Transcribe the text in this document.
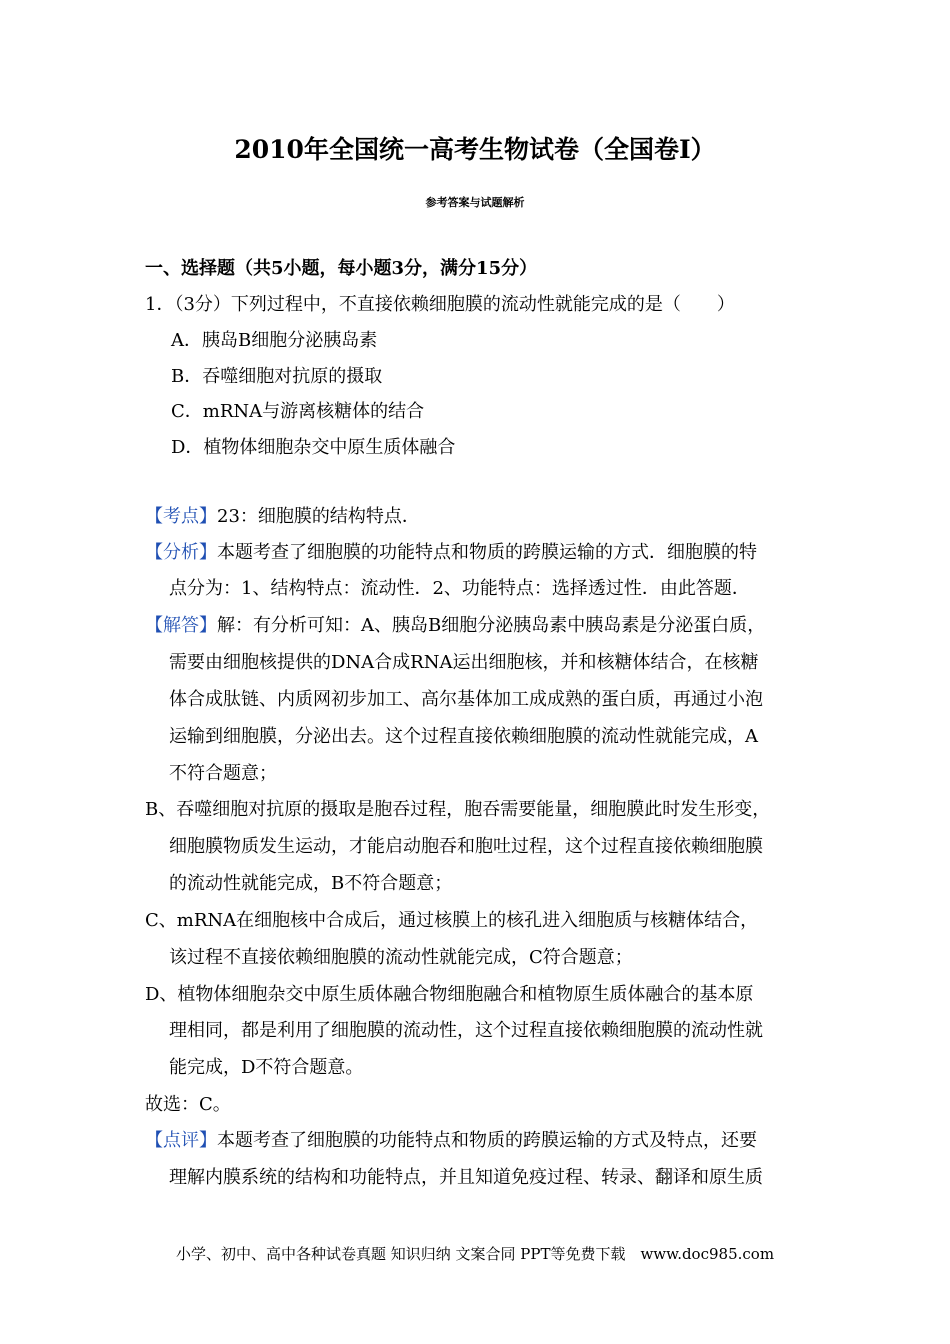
2010年全国统一高考生物试卷（全国卷I）
参考答案与试题解析
一、选择题（共5小题，每小题3分，满分15分）
1．（3分）下列过程中，不直接依赖细胞膜的流动性就能完成的是（　　）
A．胰岛B细胞分泌胰岛素
B．吞噬细胞对抗原的摄取
C．mRNA与游离核糖体的结合
D．植物体细胞杂交中原生质体融合
【考点】23：细胞膜的结构特点．
【分析】本题考查了细胞膜的功能特点和物质的跨膜运输的方式．细胞膜的特
点分为：1、结构特点：流动性．2、功能特点：选择透过性．由此答题．
【解答】解：有分析可知：A、胰岛B细胞分泌胰岛素中胰岛素是分泌蛋白质，
需要由细胞核提供的DNA合成RNA运出细胞核，并和核糖体结合，在核糖
体合成肽链、内质网初步加工、高尔基体加工成成熟的蛋白质，再通过小泡
运输到细胞膜，分泌出去。这个过程直接依赖细胞膜的流动性就能完成，A
不符合题意；
B、吞噬细胞对抗原的摄取是胞吞过程，胞吞需要能量，细胞膜此时发生形变，
细胞膜物质发生运动，才能启动胞吞和胞吐过程，这个过程直接依赖细胞膜
的流动性就能完成，B不符合题意；
C、mRNA在细胞核中合成后，通过核膜上的核孔进入细胞质与核糖体结合，
该过程不直接依赖细胞膜的流动性就能完成，C符合题意；
D、植物体细胞杂交中原生质体融合物细胞融合和植物原生质体融合的基本原
理相同，都是利用了细胞膜的流动性，这个过程直接依赖细胞膜的流动性就
能完成，D不符合题意。
故选：C。
【点评】本题考查了细胞膜的功能特点和物质的跨膜运输的方式及特点，还要
理解内膜系统的结构和功能特点，并且知道免疫过程、转录、翻译和原生质
小学、初中、高中各种试卷真题 知识归纳 文案合同 PPT等免费下载　www.doc985.com
